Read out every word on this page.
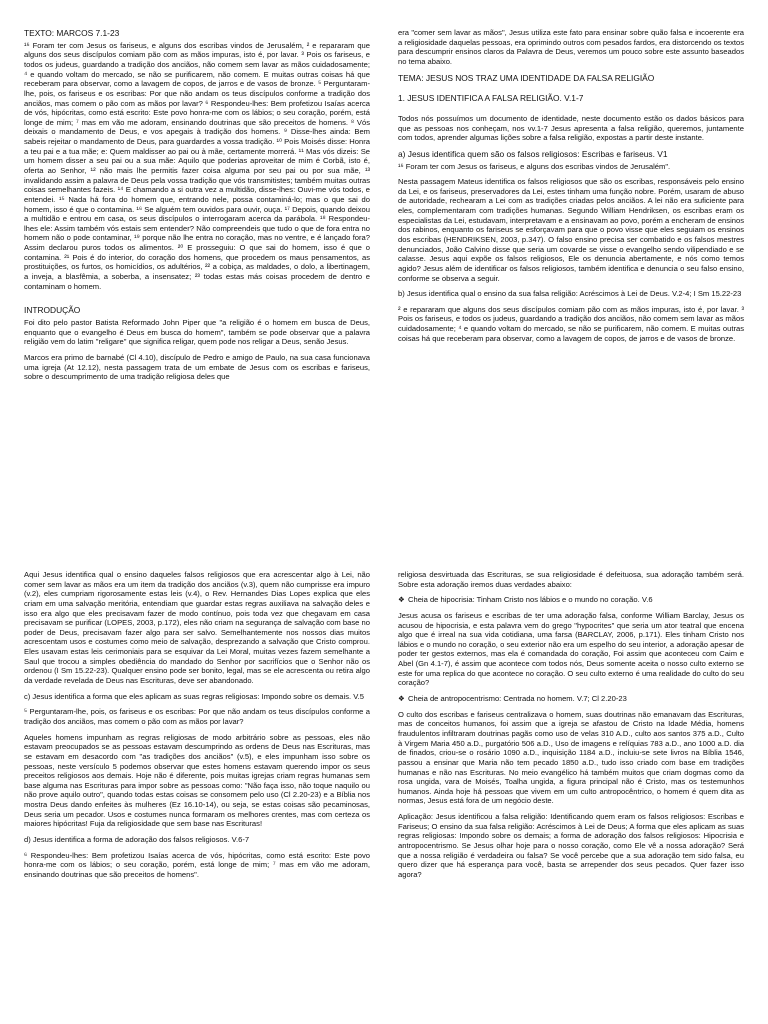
TEXTO: MARCOS 7.1-23

¹⁶ Foram ter com Jesus os fariseus, e alguns dos escribas vindos de Jerusalém, ² e repararam que alguns dos seus discípulos comiam pão com as mãos impuras, isto é, por lavar. ³ Pois os fariseus, e todos os judeus, guardando a tradição dos anciãos, não comem sem lavar as mãos cuidadosamente; ⁴ e quando voltam do mercado, se não se purificarem, não comem. E muitas outras coisas há que receberam para observar, como a lavagem de copos, de jarros e de vasos de bronze. ⁵ Perguntaram-lhe, pois, os fariseus e os escribas: Por que não andam os teus discípulos conforme a tradição dos anciãos, mas comem o pão com as mãos por lavar? ⁶ Respondeu-lhes: Bem profetizou Isaías acerca de vós, hipócritas, como está escrito: Este povo honra-me com os lábios; o seu coração, porém, está longe de mim; ⁷ mas em vão me adoram, ensinando doutrinas que são preceitos de homens. ⁸ Vós deixais o mandamento de Deus, e vos apegais à tradição dos homens. ⁹ Disse-lhes ainda: Bem sabeis rejeitar o mandamento de Deus, para guardardes a vossa tradição. ¹⁰ Pois Moisés disse: Honra a teu pai e a tua mãe; e: Quem maldisser ao pai ou à mãe, certamente morrerá. ¹¹ Mas vós dizeis: Se um homem disser a seu pai ou a sua mãe: Aquilo que poderias aproveitar de mim é Corbã, isto é, oferta ao Senhor, ¹² não mais lhe permitis fazer coisa alguma por seu pai ou por sua mãe, ¹³ invalidando assim a palavra de Deus pela vossa tradição que vós transmitistes; também muitas outras coisas semelhantes fazeis. ¹⁴ E chamando a si outra vez a multidão, disse-lhes: Ouvi-me vós todos, e entendei. ¹⁵ Nada há fora do homem que, entrando nele, possa contaminá-lo; mas o que sai do homem, isso é que o contamina. ¹⁶ Se alguém tem ouvidos para ouvir, ouça. ¹⁷ Depois, quando deixou a multidão e entrou em casa, os seus discípulos o interrogaram acerca da parábola. ¹⁸ Respondeu-lhes ele: Assim também vós estais sem entender? Não compreendeis que tudo o que de fora entra no homem não o pode contaminar, ¹⁹ porque não lhe entra no coração, mas no ventre, e é lançado fora? Assim declarou puros todos os alimentos. ²⁰ E prosseguiu: O que sai do homem, isso é que o contamina. ²¹ Pois é do interior, do coração dos homens, que procedem os maus pensamentos, as prostituições, os furtos, os homicídios, os adultérios, ²² a cobiça, as maldades, o dolo, a libertinagem, a inveja, a blasfêmia, a soberba, a insensatez; ²³ todas estas más coisas procedem de dentro e contaminam o homem.

INTRODUÇÃO

Foi dito pelo pastor Batista Reformado John Piper que "a religião é o homem em busca de Deus, enquanto que o evangelho é Deus em busca do homem", também se pode observar que a palavra religião vem do latim "religare" que significa religar, quem pode nos religar a Deus, senão Jesus.

Marcos era primo de barnabé (Cl 4.10), discípulo de Pedro e amigo de Paulo, na sua casa funcionava uma igreja (At 12.12), nesta passagem trata de um embate de Jesus com os escribas e fariseus, sobre o descumprimento de uma tradição religiosa deles que

era "comer sem lavar as mãos", Jesus utiliza este fato para ensinar sobre quão falsa e incoerente era a religiosidade daquelas pessoas, era oprimindo outros com pesados fardos, era distorcendo os textos para descumprir ensinos claros da Palavra de Deus, veremos um pouco sobre este assunto baseados no tema abaixo.

TEMA: JESUS NOS TRAZ UMA IDENTIDADE DA FALSA RELIGIÃO
1. JESUS IDENTIFICA A FALSA RELIGIÃO. V.1-7

Todos nós possuímos um documento de identidade, neste documento estão os dados básicos para que as pessoas nos conheçam, nos vv.1-7 Jesus apresenta a falsa religião, queremos, juntamente com todos, aprender algumas lições sobre a falsa religião, expostas a partir deste instante.

a) Jesus identifica quem são os falsos religiosos: Escribas e fariseus. V1

¹⁶ Foram ter com Jesus os fariseus, e alguns dos escribas vindos de Jerusalém".

Nesta passagem Mateus identifica os falsos religiosos que são os escribas, responsáveis pelo ensino da Lei, e os fariseus, preservadores da Lei, estes tinham uma função nobre. Porém, usaram de abuso de autoridade, rechearam a Lei com as tradições criadas pelos anciãos. A lei não era suficiente para eles, complementaram com tradições humanas. Segundo William Hendriksen, os escribas eram os especialistas da Lei, estudavam, interpretavam e a ensinavam ao povo, porém a encheram de ensinos dos rabinos, enquanto os fariseus se esforçavam para que o povo visse que eles seguiam os ensinos dos escribas (HENDRIKSEN, 2003, p.347). O falso ensino precisa ser combatido e os falsos mestres denunciados, João Calvino disse que seria um covarde se visse o evangelho sendo vilipendiado e se calasse. Jesus aqui expõe os falsos religiosos, Ele os denuncia abertamente, e nós como temos agido? Jesus além de identificar os falsos religiosos, também identifica e denuncia o seu falso ensino, conforme se observa a seguir.

b) Jesus identifica qual o ensino da sua falsa religião: Acréscimos à Lei de Deus. V.2-4; I Sm 15.22-23

² e repararam que alguns dos seus discípulos comiam pão com as mãos impuras, isto é, por lavar. ³ Pois os fariseus, e todos os judeus, guardando a tradição dos anciãos, não comem sem lavar as mãos cuidadosamente; ⁴ e quando voltam do mercado, se não se purificarem, não comem. E muitas outras coisas há que receberam para observar, como a lavagem de copos, de jarros e de vasos de bronze.

Aqui Jesus identifica qual o ensino daqueles falsos religiosos que era acrescentar algo à Lei, não comer sem lavar as mãos era um item da tradição dos anciãos (v.3), quem não cumprisse era impuro (v.2), eles cumpriam rigorosamente estas leis (v.4), o Rev. Hernandes Dias Lopes explica que eles criam em uma salvação meritória, entendiam que guardar estas regras auxiliava na salvação deles e isso era algo que eles precisavam fazer de modo contínuo, pois toda vez que chegavam em casa precisavam se purificar (LOPES, 2003, p.172), eles não criam na segurança de salvação com base no poder de Deus, precisavam fazer algo para ser salvo. Semelhantemente nos nossos dias muitos acrescentam usos e costumes como meio de salvação, desprezando a salvação que Cristo comprou. Eles usavam estas leis cerimoniais para se esquivar da Lei Moral, muitas vezes fazem semelhante a Saul que trocou a simples obediência do mandado do Senhor por sacrifícios que o Senhor não os ordenou (I Sm 15.22-23). Qualquer ensino pode ser bonito, legal, mas se ele acrescenta ou retira algo da verdade revelada de Deus nas Escrituras, deve ser abandonado.

c) Jesus identifica a forma que eles aplicam as suas regras religiosas: Impondo sobre os demais. V.5

⁵ Perguntaram-lhe, pois, os fariseus e os escribas: Por que não andam os teus discípulos conforme a tradição dos anciãos, mas comem o pão com as mãos por lavar?

Aqueles homens impunham as regras religiosas de modo arbitrário sobre as pessoas, eles não estavam preocupados se as pessoas estavam descumprindo as ordens de Deus nas Escrituras, mas se estavam em desacordo com "as tradições dos anciãos" (v.5), e eles impunham isso sobre os pessoas, neste versículo 5 podemos observar que estes homens estavam querendo impor os seus preceitos religiosos aos demais. Hoje não é diferente, pois muitas igrejas criam regras humanas sem base alguma nas Escrituras para impor sobre as pessoas como: "Não faça isso, não toque naquilo ou não prove aquilo outro", quando todas estas coisas se consomem pelo uso (Cl 2.20-23) e a Bíblia nos mostra Deus dando enfeites às mulheres (Ez 16.10-14), ou seja, se estas coisas são pecaminosas, Deus seria um pecador. Usos e costumes nunca formaram os melhores crentes, mas com certeza os maiores hipócritas! Fuja da religiosidade que sem base nas Escrituras!

d) Jesus identifica a forma de adoração dos falsos religiosos. V.6-7

⁶ Respondeu-lhes: Bem profetizou Isaías acerca de vós, hipócritas, como está escrito: Este povo honra-me com os lábios; o seu coração, porém, está longe de mim; ⁷ mas em vão me adoram, ensinando doutrinas que são preceitos de homens".

religiosa desvirtuada das Escrituras, se sua religiosidade é defeituosa, sua adoração também será. Sobre esta adoração iremos duas verdades abaixo:

❖ Cheia de hipocrisia: Tinham Cristo nos lábios e o mundo no coração. V.6

Jesus acusa os fariseus e escribas de ter uma adoração falsa, conforme William Barclay, Jesus os acusou de hipocrisia, e esta palavra vem do grego "hypocrites" que seria um ator teatral que encena algo que é irreal na sua vida cotidiana, uma farsa (BARCLAY, 2006, p.171). Eles tinham Cristo nos lábios e o mundo no coração, o seu exterior não era um espelho do seu interior, a adoração apesar de poder ter gestos externos, mas ela é comandada do coração, Foi assim que aconteceu com Caim e Abel (Gn 4.1-7), é assim que acontece com todos nós, Deus somente aceita o nosso culto externo se este for uma replica do que acontece no coração. O seu culto externo é uma realidade do culto do seu coração?

❖ Cheia de antropocentrismo: Centrada no homem. V.7; Cl 2.20-23

O culto dos escribas e fariseus centralizava o homem, suas doutrinas não emanavam das Escrituras, mas de conceitos humanos, foi assim que a igreja se afastou de Cristo na Idade Média, homens fraudulentos infiltraram doutrinas pagãs como uso de velas 310 A.D., culto aos santos 375 a.D., Culto à Virgem Maria 450 a.D., purgatório 506 a.D., Uso de imagens e relíquias 783 a.D., ano 1000 a.D. dia de finados, criou-se o rosário 1090 a.D., inquisição 1184 a.D., incluiu-se sete livros na Bíblia 1546, passou a ensinar que Maria não tem pecado 1850 a.D., tudo isso criado com base em tradições humanas e não nas Escrituras. No meio evangélico há também muitos que criam dogmas como da rosa ungida, vara de Moisés, Toalha ungida, a figura principal não é Cristo, mas os testemunhos humanos. Ainda hoje há pessoas que vivem em um culto antropocêntrico, o homem é quem dita as normas, Jesus está fora de um negócio deste.

Aplicação: Jesus identificou a falsa religião: Identificando quem eram os falsos religiosos: Escribas e Fariseus; O ensino da sua falsa religião: Acréscimos à Lei de Deus; A forma que eles aplicam as suas regras religiosas: Impondo sobre os demais; a forma de adoração dos falsos religiosos: Hipocrisia e antropocentrismo. Se Jesus olhar hoje para o nosso coração, como Ele vê a nossa adoração? Será que a nossa religião é verdadeira ou falsa? Se você percebe que a sua adoração tem sido falsa, eu quero dizer que há esperança para você, basta se arrepender dos seus pecados. Quer fazer isso agora?
